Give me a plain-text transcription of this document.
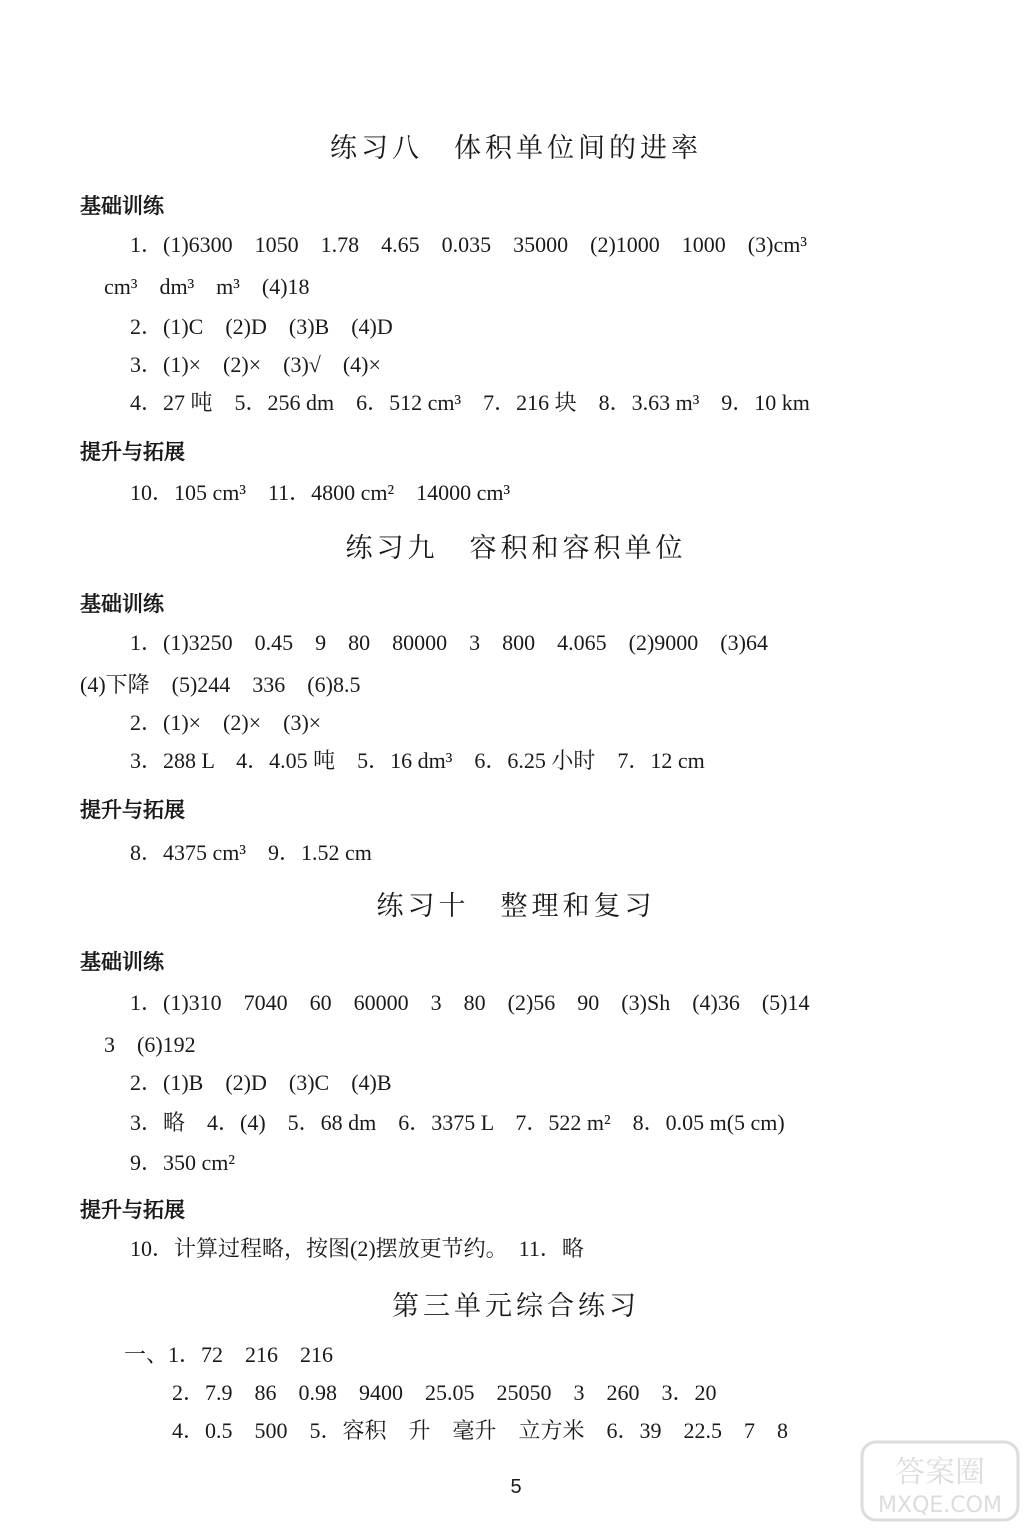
练习八　体积单位间的进率
基础训练
1．(1)6300　1050　1.78　4.65　0.035　35000　(2)1000　1000　(3)cm³
cm³　dm³　m³　(4)18
2．(1)C　(2)D　(3)B　(4)D
3．(1)×　(2)×　(3)√　(4)×
4．27 吨　5．256 dm　6．512 cm³　7．216 块　8．3.63 m³　9．10 km
提升与拓展
10．105 cm³　11．4800 cm²　14000 cm³
练习九　容积和容积单位
基础训练
1．(1)3250　0.45　9　80　80000　3　800　4.065　(2)9000　(3)64
(4)下降　(5)244　336　(6)8.5
2．(1)×　(2)×　(3)×
3．288 L　4．4.05 吨　5．16 dm³　6．6.25 小时　7．12 cm
提升与拓展
8．4375 cm³　9．1.52 cm
练习十　整理和复习
基础训练
1．(1)310　7040　60　60000　3　80　(2)56　90　(3)Sh　(4)36　(5)14
3　(6)192
2．(1)B　(2)D　(3)C　(4)B
3．略　4．(4)　5．68 dm　6．3375 L　7．522 m²　8．0.05 m(5 cm)
9．350 cm²
提升与拓展
10．计算过程略，按图(2)摆放更节约。　11．略
第三单元综合练习
一、1．72　216　216
2．7.9　86　0.98　9400　25.05　25050　3　260　3．20
4．0.5　500　5．容积　升　毫升　立方米　6．39　22.5　7　8
5	答案圈
MXQE.COM
